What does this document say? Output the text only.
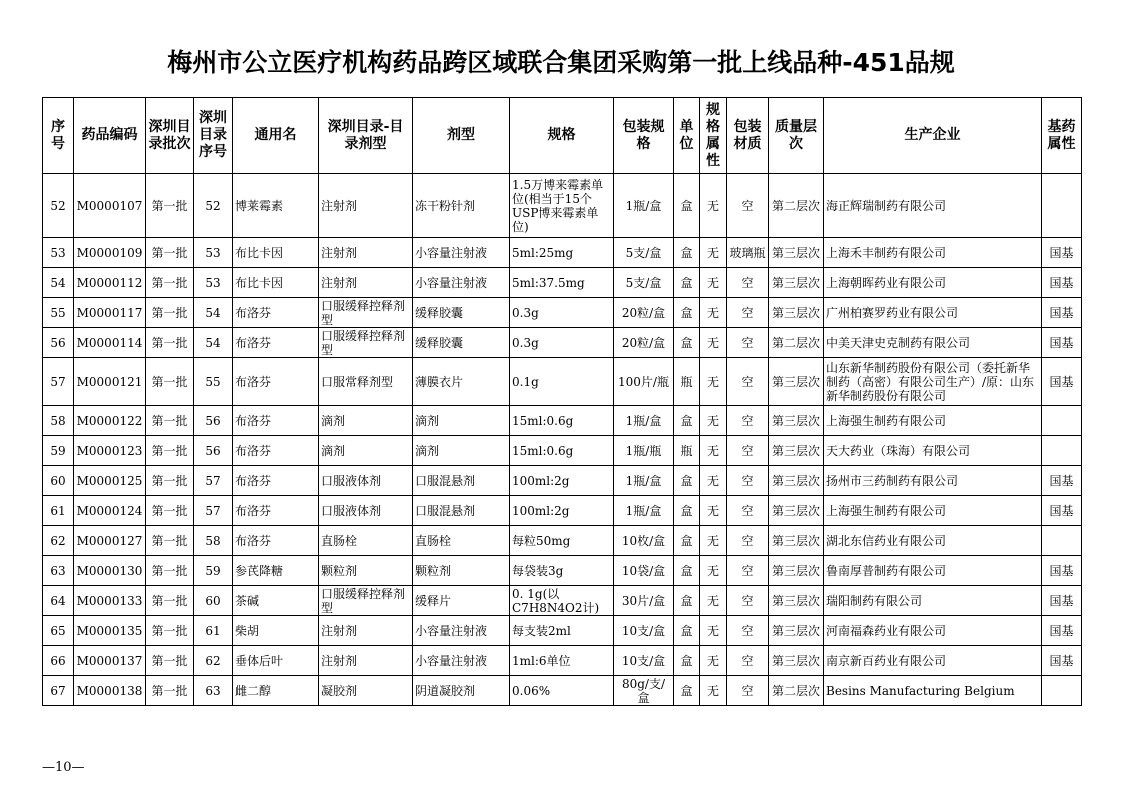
梅州市公立医疗机构药品跨区域联合集团采购第一批上线品种-451品规
序号	药品编码	深圳目录批次	深圳目录序号	通用名	深圳目录-目录剂型	剂型	规格	包装规格	单位	规格属性	包装材质	质量层次	生产企业	基药属性
52	M0000107	第一批	52	博莱霉素	注射剂	冻干粉针剂	1.5万博来霉素单位(相当于15个USP博来霉素单位)	1瓶/盒	盒	无	空	第二层次	海正辉瑞制药有限公司	
53	M0000109	第一批	53	布比卡因	注射剂	小容量注射液	5ml:25mg	5支/盒	盒	无	玻璃瓶	第三层次	上海禾丰制药有限公司	国基
54	M0000112	第一批	53	布比卡因	注射剂	小容量注射液	5ml:37.5mg	5支/盒	盒	无	空	第三层次	上海朝晖药业有限公司	国基
55	M0000117	第一批	54	布洛芬	口服缓释控释剂型	缓释胶囊	0.3g	20粒/盒	盒	无	空	第三层次	广州柏赛罗药业有限公司	国基
56	M0000114	第一批	54	布洛芬	口服缓释控释剂型	缓释胶囊	0.3g	20粒/盒	盒	无	空	第二层次	中美天津史克制药有限公司	国基
57	M0000121	第一批	55	布洛芬	口服常释剂型	薄膜衣片	0.1g	100片/瓶	瓶	无	空	第三层次	山东新华制药股份有限公司（委托新华制药（高密）有限公司生产）/原：山东新华制药股份有限公司	国基
58	M0000122	第一批	56	布洛芬	滴剂	滴剂	15ml:0.6g	1瓶/盒	盒	无	空	第三层次	上海强生制药有限公司	
59	M0000123	第一批	56	布洛芬	滴剂	滴剂	15ml:0.6g	1瓶/瓶	瓶	无	空	第三层次	天大药业（珠海）有限公司	
60	M0000125	第一批	57	布洛芬	口服液体剂	口服混悬剂	100ml:2g	1瓶/盒	盒	无	空	第三层次	扬州市三药制药有限公司	国基
61	M0000124	第一批	57	布洛芬	口服液体剂	口服混悬剂	100ml:2g	1瓶/盒	盒	无	空	第三层次	上海强生制药有限公司	国基
62	M0000127	第一批	58	布洛芬	直肠栓	直肠栓	每粒50mg	10枚/盒	盒	无	空	第三层次	湖北东信药业有限公司	
63	M0000130	第一批	59	参芪降糖	颗粒剂	颗粒剂	每袋装3g	10袋/盒	盒	无	空	第三层次	鲁南厚普制药有限公司	国基
64	M0000133	第一批	60	茶碱	口服缓释控释剂型	缓释片	0. 1g(以C7H8N4O2计)	30片/盒	盒	无	空	第三层次	瑞阳制药有限公司	国基
65	M0000135	第一批	61	柴胡	注射剂	小容量注射液	每支装2ml	10支/盒	盒	无	空	第三层次	河南福森药业有限公司	国基
66	M0000137	第一批	62	垂体后叶	注射剂	小容量注射液	1ml:6单位	10支/盒	盒	无	空	第三层次	南京新百药业有限公司	国基
67	M0000138	第一批	63	雌二醇	凝胶剂	阴道凝胶剂	0.06%	80g/支/盒	盒	无	空	第二层次	Besins Manufacturing Belgium	
—10—
